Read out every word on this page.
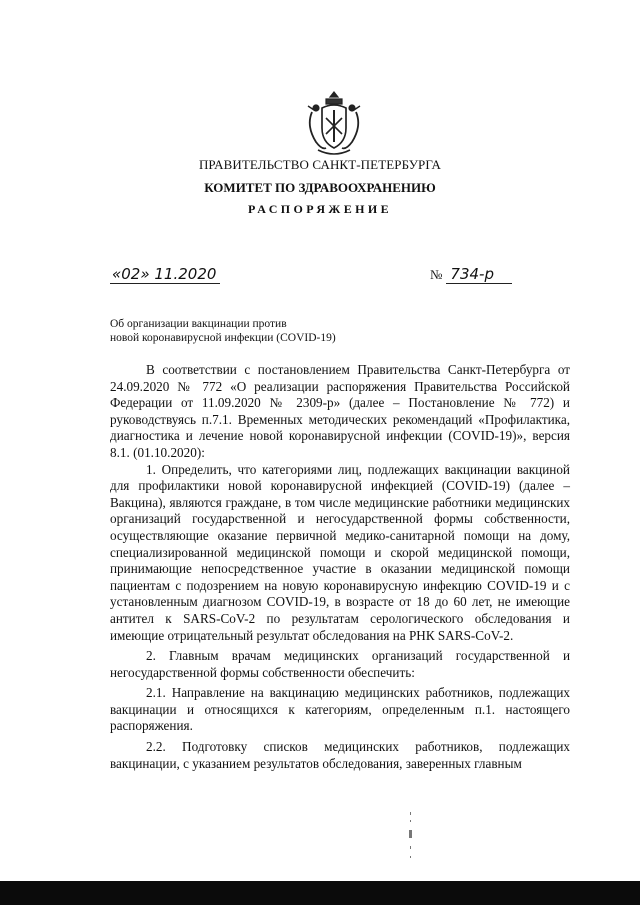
ПРАВИТЕЛЬСТВО САНКТ-ПЕТЕРБУРГА
КОМИТЕТ ПО ЗДРАВООХРАНЕНИЮ
РАСПОРЯЖЕНИЕ
«02» 11.2020	№ 734-р
Об организации вакцинации против
новой коронавирусной инфекции (COVID-19)

В соответствии с постановлением Правительства Санкт-Петербурга от 24.09.2020 № 772 «О реализации распоряжения Правительства Российской Федерации от 11.09.2020 № 2309-р» (далее – Постановление № 772) и руководствуясь п.7.1. Временных методических рекомендаций «Профилактика, диагностика и лечение новой коронавирусной инфекции (COVID-19)», версия 8.1. (01.10.2020):

1. Определить, что категориями лиц, подлежащих вакцинации вакциной для профилактики новой коронавирусной инфекцией (COVID-19) (далее – Вакцина), являются граждане, в том числе медицинские работники медицинских организаций государственной и негосударственной формы собственности, осуществляющие оказание первичной медико-санитарной помощи на дому, специализированной медицинской помощи и скорой медицинской помощи, принимающие непосредственное участие в оказании медицинской помощи пациентам с подозрением на новую коронавирусную инфекцию COVID-19 и с установленным диагнозом COVID-19, в возрасте от 18 до 60 лет, не имеющие антител к SARS-CoV-2 по результатам серологического обследования и имеющие отрицательный результат обследования на РНК SARS-CoV-2.

2. Главным врачам медицинских организаций государственной и негосударственной формы собственности обеспечить:

2.1. Направление на вакцинацию медицинских работников, подлежащих вакцинации и относящихся к категориям, определенным п.1. настоящего распоряжения.

2.2. Подготовку списков медицинских работников, подлежащих вакцинации, с указанием результатов обследования, заверенных главным
